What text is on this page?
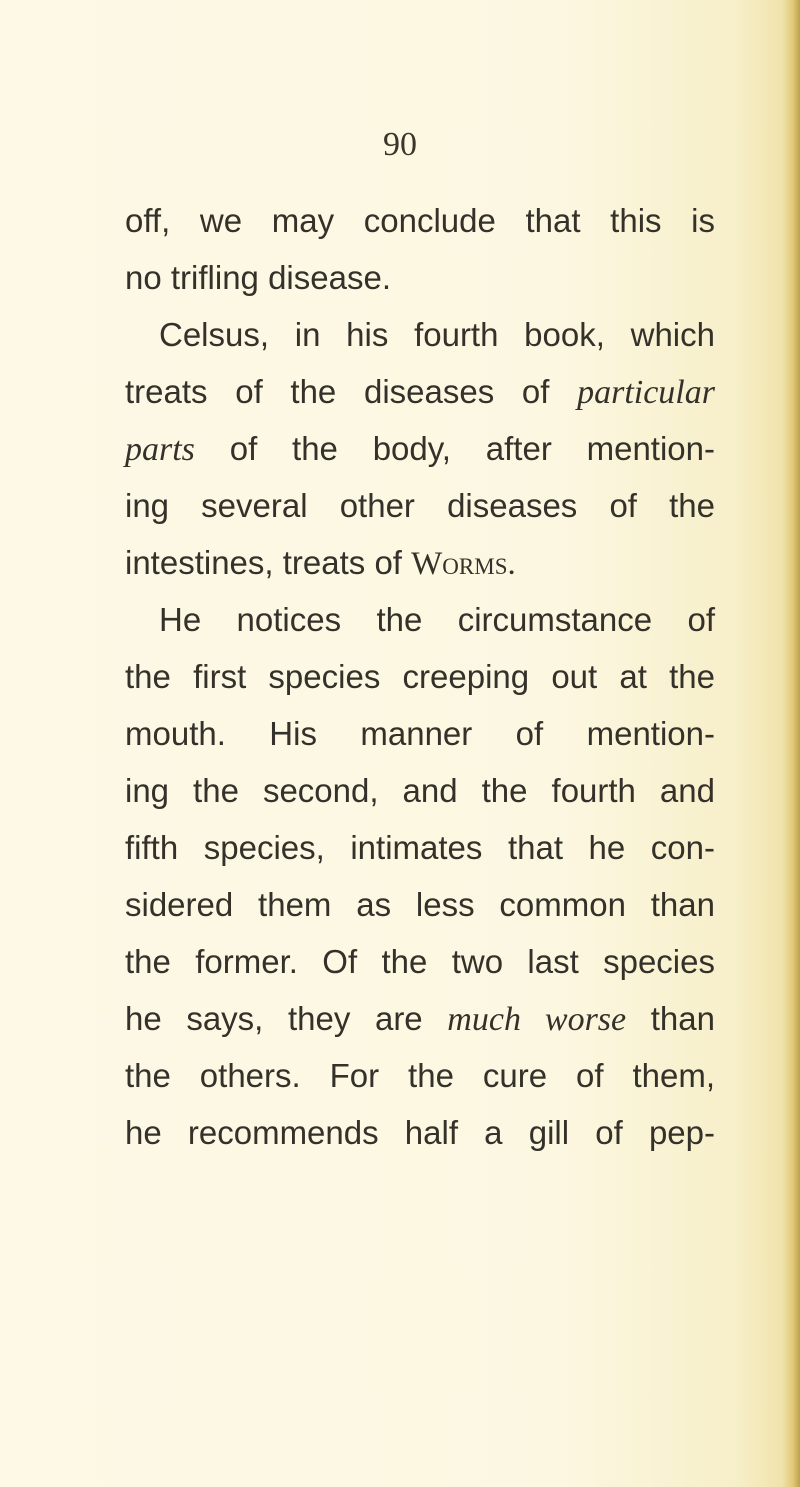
90
off, we may conclude that this is
no trifling disease.
Celsus, in his fourth book, which
treats of the diseases of particular
parts of the body, after mention-
ing several other diseases of the
intestines, treats of Worms.
He notices the circumstance of
the first species creeping out at the
mouth. His manner of mention-
ing the second, and the fourth and
fifth species, intimates that he con-
sidered them as less common than
the former. Of the two last species
he says, they are much worse than
the others. For the cure of them,
he recommends half a gill of pep-
